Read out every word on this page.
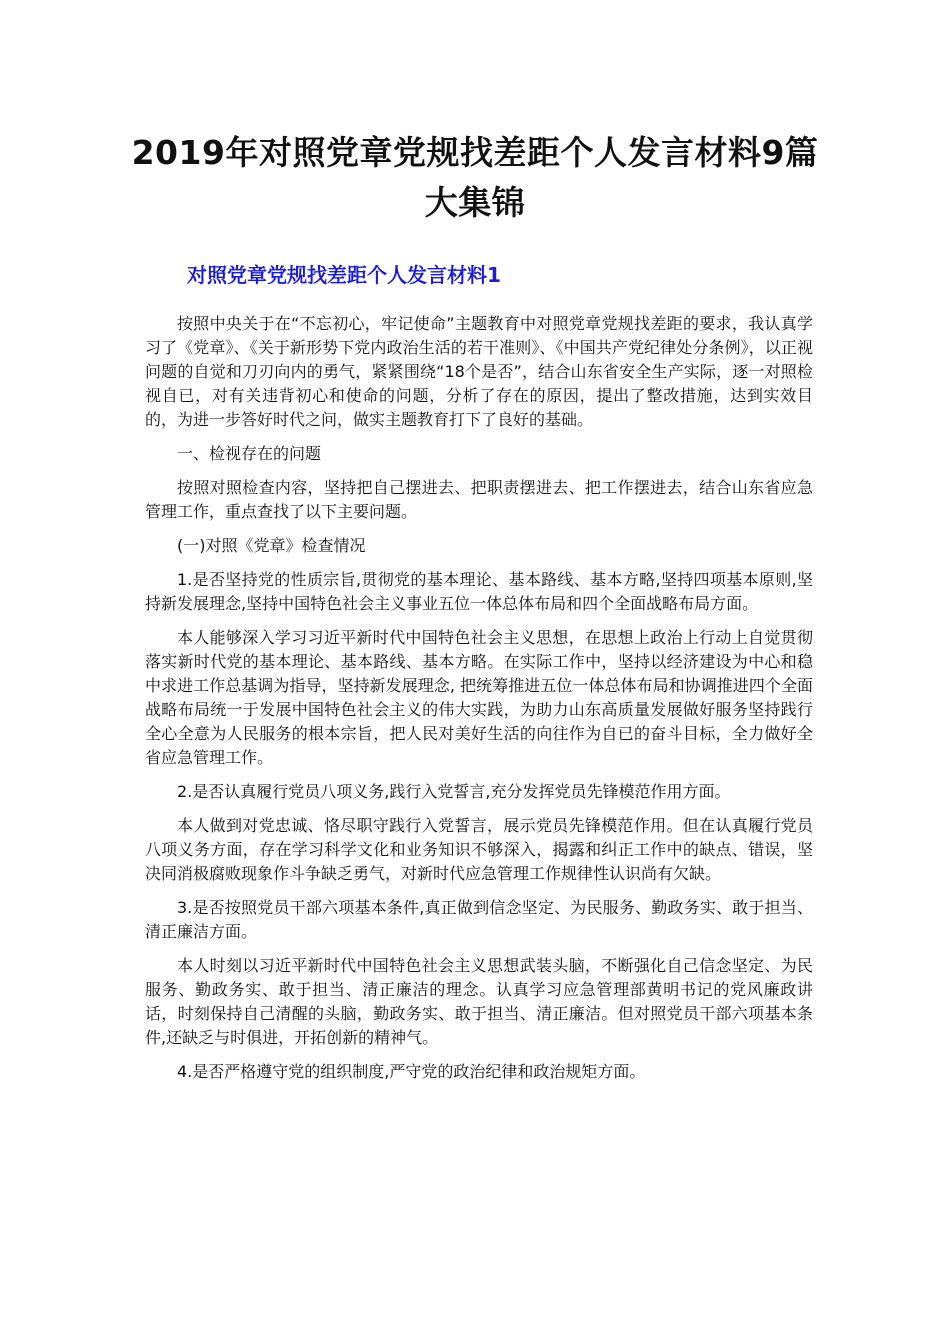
2019年对照党章党规找差距个人发言材料9篇大集锦
对照党章党规找差距个人发言材料1

按照中央关于在“不忘初心，牢记使命”主题教育中对照党章党规找差距的要求，我认真学习了《党章》、《关于新形势下党内政治生活的若干准则》、《中国共产党纪律处分条例》，以正视问题的自觉和刀刃向内的勇气，紧紧围绕“18个是否”，结合山东省安全生产实际，逐一对照检视自已，对有关违背初心和使命的问题，分析了存在的原因，提出了整改措施，达到实效目的，为进一步答好时代之问，做实主题教育打下了良好的基础。

一、检视存在的问题

按照对照检查内容，坚持把自己摆进去、把职责摆进去、把工作摆进去，结合山东省应急管理工作，重点查找了以下主要问题。

(一)对照《党章》检查情况

1.是否坚持党的性质宗旨,贯彻党的基本理论、基本路线、基本方略,坚持四项基本原则,坚持新发展理念,坚持中国特色社会主义事业五位一体总体布局和四个全面战略布局方面。

本人能够深入学习习近平新时代中国特色社会主义思想，在思想上政治上行动上自觉贯彻落实新时代党的基本理论、基本路线、基本方略。在实际工作中，坚持以经济建设为中心和稳中求进工作总基调为指导，坚持新发展理念, 把统筹推进五位一体总体布局和协调推进四个全面战略布局统一于发展中国特色社会主义的伟大实践，为助力山东高质量发展做好服务坚持践行全心全意为人民服务的根本宗旨，把人民对美好生活的向往作为自已的奋斗目标，全力做好全省应急管理工作。

2.是否认真履行党员八项义务,践行入党誓言,充分发挥党员先锋模范作用方面。

本人做到对党忠诚、恪尽职守践行入党誓言，展示党员先锋模范作用。但在认真履行党员八项义务方面，存在学习科学文化和业务知识不够深入，揭露和纠正工作中的缺点、错误，坚决同消极腐败现象作斗争缺乏勇气，对新时代应急管理工作规律性认识尚有欠缺。

3.是否按照党员干部六项基本条件,真正做到信念坚定、为民服务、勤政务实、敢于担当、清正廉洁方面。

本人时刻以习近平新时代中国特色社会主义思想武装头脑，不断强化自己信念坚定、为民服务、勤政务实、敢于担当、清正廉洁的理念。认真学习应急管理部黄明书记的党风廉政讲话，时刻保持自己清醒的头脑，勤政务实、敢于担当、清正廉洁。但对照党员干部六项基本条件,还缺乏与时俱进，开拓创新的精神气。

4.是否严格遵守党的组织制度,严守党的政治纪律和政治规矩方面。
